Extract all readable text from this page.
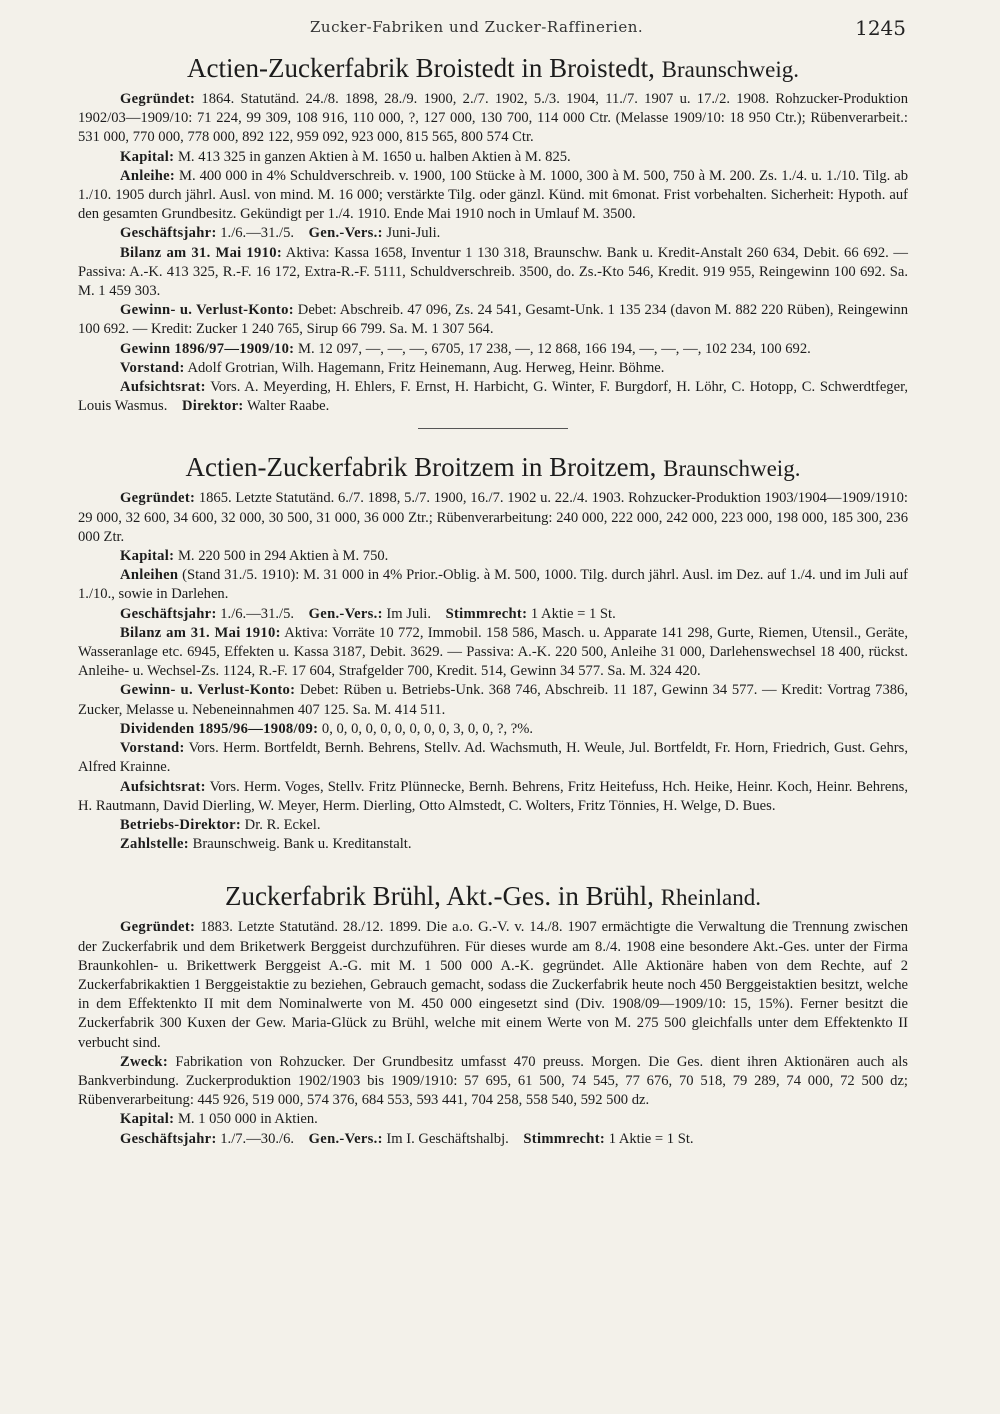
Zucker-Fabriken und Zucker-Raffinerien.	1245
Actien-Zuckerfabrik Broistedt in Broistedt, Braunschweig.

Gegründet: 1864. Statutänd. 24./8. 1898, 28./9. 1900, 2./7. 1902, 5./3. 1904, 11./7. 1907 u. 17./2. 1908. Rohzucker-Produktion 1902/03—1909/10: 71 224, 99 309, 108 916, 110 000, ?, 127 000, 130 700, 114 000 Ctr. (Melasse 1909/10: 18 950 Ctr.); Rübenverarbeit.: 531 000, 770 000, 778 000, 892 122, 959 092, 923 000, 815 565, 800 574 Ctr.

Kapital: M. 413 325 in ganzen Aktien à M. 1650 u. halben Aktien à M. 825.

Anleihe: M. 400 000 in 4% Schuldverschreib. v. 1900, 100 Stücke à M. 1000, 300 à M. 500, 750 à M. 200. Zs. 1./4. u. 1./10. Tilg. ab 1./10. 1905 durch jährl. Ausl. von mind. M. 16 000; verstärkte Tilg. oder gänzl. Künd. mit 6monat. Frist vorbehalten. Sicherheit: Hypoth. auf den gesamten Grundbesitz. Gekündigt per 1./4. 1910. Ende Mai 1910 noch in Umlauf M. 3500.

Geschäftsjahr: 1./6.—31./5.  Gen.-Vers.: Juni-Juli.

Bilanz am 31. Mai 1910: Aktiva: Kassa 1658, Inventur 1 130 318, Braunschw. Bank u. Kredit-Anstalt 260 634, Debit. 66 692. — Passiva: A.-K. 413 325, R.-F. 16 172, Extra-R.-F. 5111, Schuldverschreib. 3500, do. Zs.-Kto 546, Kredit. 919 955, Reingewinn 100 692. Sa. M. 1 459 303.

Gewinn- u. Verlust-Konto: Debet: Abschreib. 47 096, Zs. 24 541, Gesamt-Unk. 1 135 234 (davon M. 882 220 Rüben), Reingewinn 100 692. — Kredit: Zucker 1 240 765, Sirup 66 799. Sa. M. 1 307 564.

Gewinn 1896/97—1909/10: M. 12 097, —, —, —, 6705, 17 238, —, 12 868, 166 194, —, —, —, 102 234, 100 692.

Vorstand: Adolf Grotrian, Wilh. Hagemann, Fritz Heinemann, Aug. Herweg, Heinr. Böhme.

Aufsichtsrat: Vors. A. Meyerding, H. Ehlers, F. Ernst, H. Harbicht, G. Winter, F. Burgdorf, H. Löhr, C. Hotopp, C. Schwerdtfeger, Louis Wasmus.  Direktor: Walter Raabe.

Actien-Zuckerfabrik Broitzem in Broitzem, Braunschweig.

Gegründet: 1865. Letzte Statutänd. 6./7. 1898, 5./7. 1900, 16./7. 1902 u. 22./4. 1903. Rohzucker-Produktion 1903/1904—1909/1910: 29 000, 32 600, 34 600, 32 000, 30 500, 31 000, 36 000 Ztr.; Rübenverarbeitung: 240 000, 222 000, 242 000, 223 000, 198 000, 185 300, 236 000 Ztr.

Kapital: M. 220 500 in 294 Aktien à M. 750.

Anleihen (Stand 31./5. 1910): M. 31 000 in 4% Prior.-Oblig. à M. 500, 1000. Tilg. durch jährl. Ausl. im Dez. auf 1./4. und im Juli auf 1./10., sowie in Darlehen.

Geschäftsjahr: 1./6.—31./5.  Gen.-Vers.: Im Juli.  Stimmrecht: 1 Aktie = 1 St.

Bilanz am 31. Mai 1910: Aktiva: Vorräte 10 772, Immobil. 158 586, Masch. u. Apparate 141 298, Gurte, Riemen, Utensil., Geräte, Wasseranlage etc. 6945, Effekten u. Kassa 3187, Debit. 3629. — Passiva: A.-K. 220 500, Anleihe 31 000, Darlehenswechsel 18 400, rückst. Anleihe- u. Wechsel-Zs. 1124, R.-F. 17 604, Strafgelder 700, Kredit. 514, Gewinn 34 577. Sa. M. 324 420.

Gewinn- u. Verlust-Konto: Debet: Rüben u. Betriebs-Unk. 368 746, Abschreib. 11 187, Gewinn 34 577. — Kredit: Vortrag 7386, Zucker, Melasse u. Nebeneinnahmen 407 125. Sa. M. 414 511.

Dividenden 1895/96—1908/09: 0, 0, 0, 0, 0, 0, 0, 0, 0, 3, 0, 0, ?, ?%.

Vorstand: Vors. Herm. Bortfeldt, Bernh. Behrens, Stellv. Ad. Wachsmuth, H. Weule, Jul. Bortfeldt, Fr. Horn, Friedrich, Gust. Gehrs, Alfred Krainne.

Aufsichtsrat: Vors. Herm. Voges, Stellv. Fritz Plünnecke, Bernh. Behrens, Fritz Heitefuss, Hch. Heike, Heinr. Koch, Heinr. Behrens, H. Rautmann, David Dierling, W. Meyer, Herm. Dierling, Otto Almstedt, C. Wolters, Fritz Tönnies, H. Welge, D. Bues.

Betriebs-Direktor: Dr. R. Eckel.

Zahlstelle: Braunschweig. Bank u. Kreditanstalt.

Zuckerfabrik Brühl, Akt.-Ges. in Brühl, Rheinland.

Gegründet: 1883. Letzte Statutänd. 28./12. 1899. Die a.o. G.-V. v. 14./8. 1907 ermächtigte die Verwaltung die Trennung zwischen der Zuckerfabrik und dem Briketwerk Berggeist durchzuführen. Für dieses wurde am 8./4. 1908 eine besondere Akt.-Ges. unter der Firma Braunkohlen- u. Brikettwerk Berggeist A.-G. mit M. 1 500 000 A.-K. gegründet. Alle Aktionäre haben von dem Rechte, auf 2 Zuckerfabrikaktien 1 Berggeistaktie zu beziehen, Gebrauch gemacht, sodass die Zuckerfabrik heute noch 450 Berggeistaktien besitzt, welche in dem Effektenkto II mit dem Nominalwerte von M. 450 000 eingesetzt sind (Div. 1908/09—1909/10: 15, 15%). Ferner besitzt die Zuckerfabrik 300 Kuxen der Gew. Maria-Glück zu Brühl, welche mit einem Werte von M. 275 500 gleichfalls unter dem Effektenkto II verbucht sind.

Zweck: Fabrikation von Rohzucker. Der Grundbesitz umfasst 470 preuss. Morgen. Die Ges. dient ihren Aktionären auch als Bankverbindung. Zuckerproduktion 1902/1903 bis 1909/1910: 57 695, 61 500, 74 545, 77 676, 70 518, 79 289, 74 000, 72 500 dz; Rübenverarbeitung: 445 926, 519 000, 574 376, 684 553, 593 441, 704 258, 558 540, 592 500 dz.

Kapital: M. 1 050 000 in Aktien.

Geschäftsjahr: 1./7.—30./6.  Gen.-Vers.: Im I. Geschäftshalbj.  Stimmrecht: 1 Aktie = 1 St.
